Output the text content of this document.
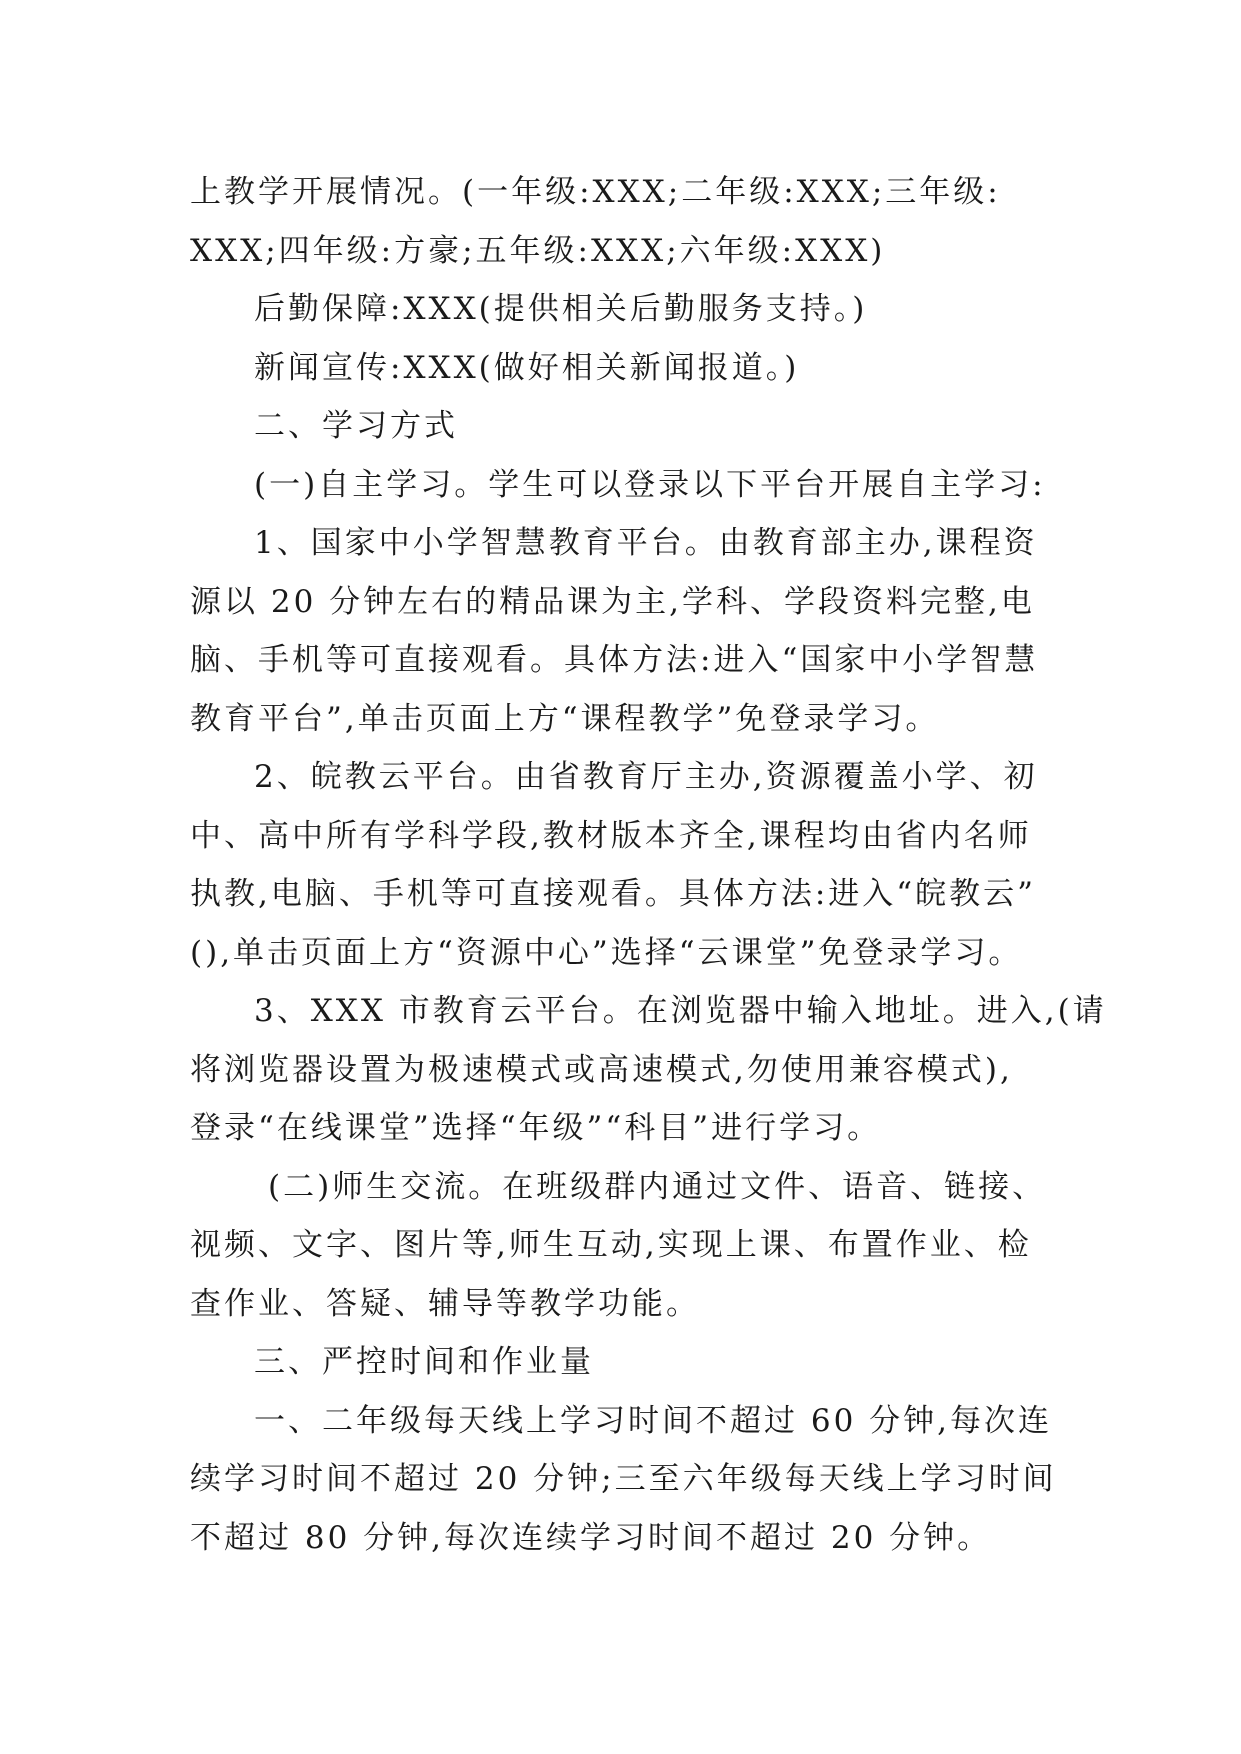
上教学开展情况。(一年级:XXX;二年级:XXX;三年级:
XXX;四年级:方豪;五年级:XXX;六年级:XXX)
后勤保障:XXX(提供相关后勤服务支持。)
新闻宣传:XXX(做好相关新闻报道。)
二、学习方式
(一)自主学习。学生可以登录以下平台开展自主学习:
1、国家中小学智慧教育平台。由教育部主办,课程资
源以 20 分钟左右的精品课为主,学科、学段资料完整,电
脑、手机等可直接观看。具体方法:进入“国家中小学智慧
教育平台”,单击页面上方“课程教学”免登录学习。
2、皖教云平台。由省教育厅主办,资源覆盖小学、初
中、高中所有学科学段,教材版本齐全,课程均由省内名师
执教,电脑、手机等可直接观看。具体方法:进入“皖教云”
(),单击页面上方“资源中心”选择“云课堂”免登录学习。
3、XXX 市教育云平台。在浏览器中输入地址。进入,(请
将浏览器设置为极速模式或高速模式,勿使用兼容模式),
登录“在线课堂”选择“年级”“科目”进行学习。
(二)师生交流。在班级群内通过文件、语音、链接、
视频、文字、图片等,师生互动,实现上课、布置作业、检
查作业、答疑、辅导等教学功能。
三、严控时间和作业量
一、二年级每天线上学习时间不超过 60 分钟,每次连
续学习时间不超过 20 分钟;三至六年级每天线上学习时间
不超过 80 分钟,每次连续学习时间不超过 20 分钟。
